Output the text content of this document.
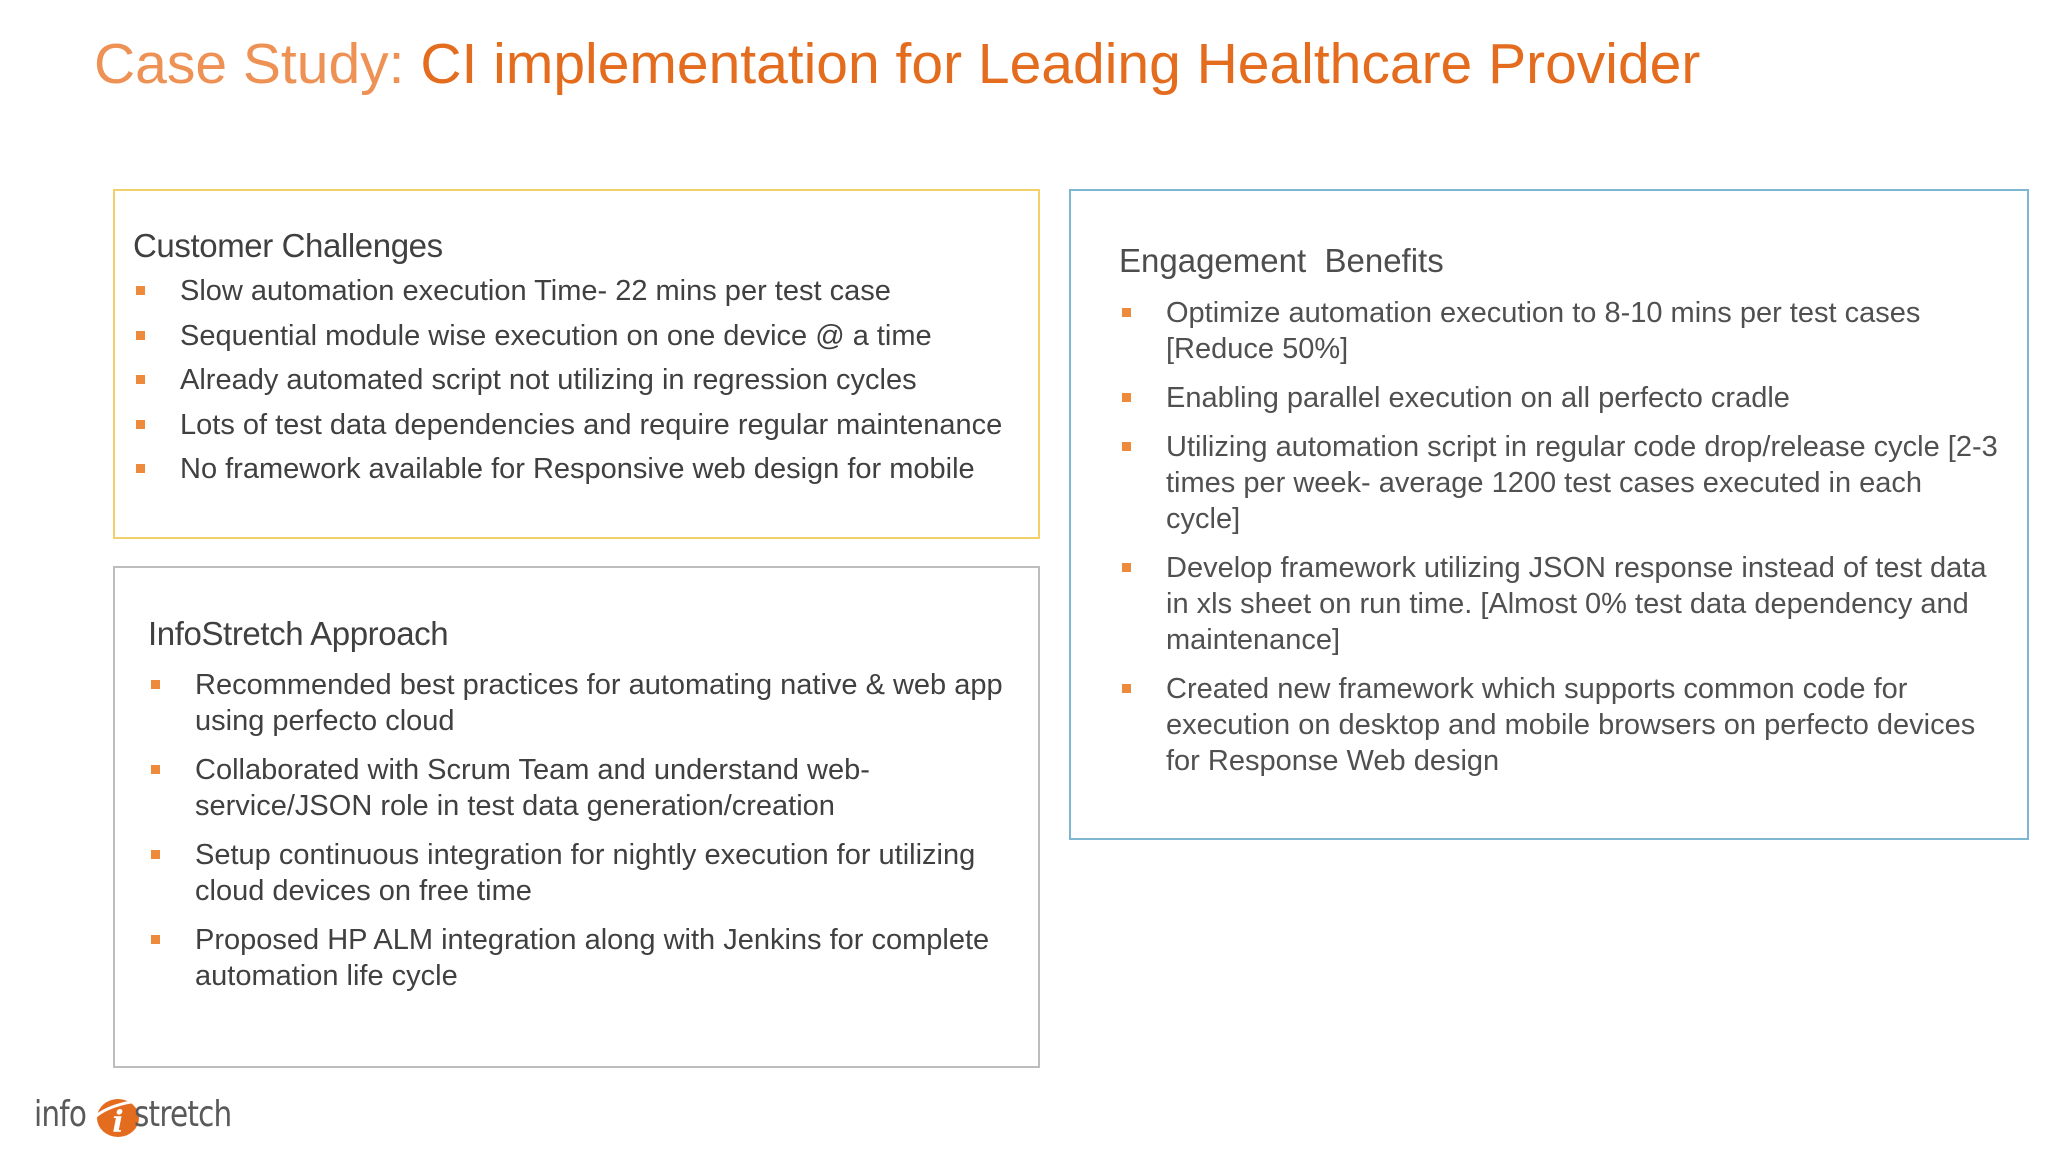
Case Study: CI implementation for Leading Healthcare Provider
Customer Challenges
Slow automation execution Time- 22 mins per test case
Sequential module wise execution on one device @ a time
Already automated script not utilizing in regression cycles
Lots of test data dependencies and require regular maintenance
No framework available for Responsive web design for mobile
InfoStretch Approach
Recommended best practices for automating native & web app using perfecto cloud
Collaborated with Scrum Team and understand web-service/JSON role in test data generation/creation
Setup continuous integration for nightly execution for utilizing cloud devices on free time
Proposed HP ALM integration along with Jenkins for complete automation life cycle
Engagement  Benefits
Optimize automation execution to 8-10 mins per test cases [Reduce 50%]
Enabling parallel execution on all perfecto cradle
Utilizing automation script in regular code drop/release cycle [2-3 times per week- average 1200 test cases executed in each cycle]
Develop framework utilizing JSON response instead of test data in xls sheet on run time. [Almost 0% test data dependency and maintenance]
Created new framework which supports common code for execution on desktop and mobile browsers on perfecto devices for Response Web design
info i stretch
